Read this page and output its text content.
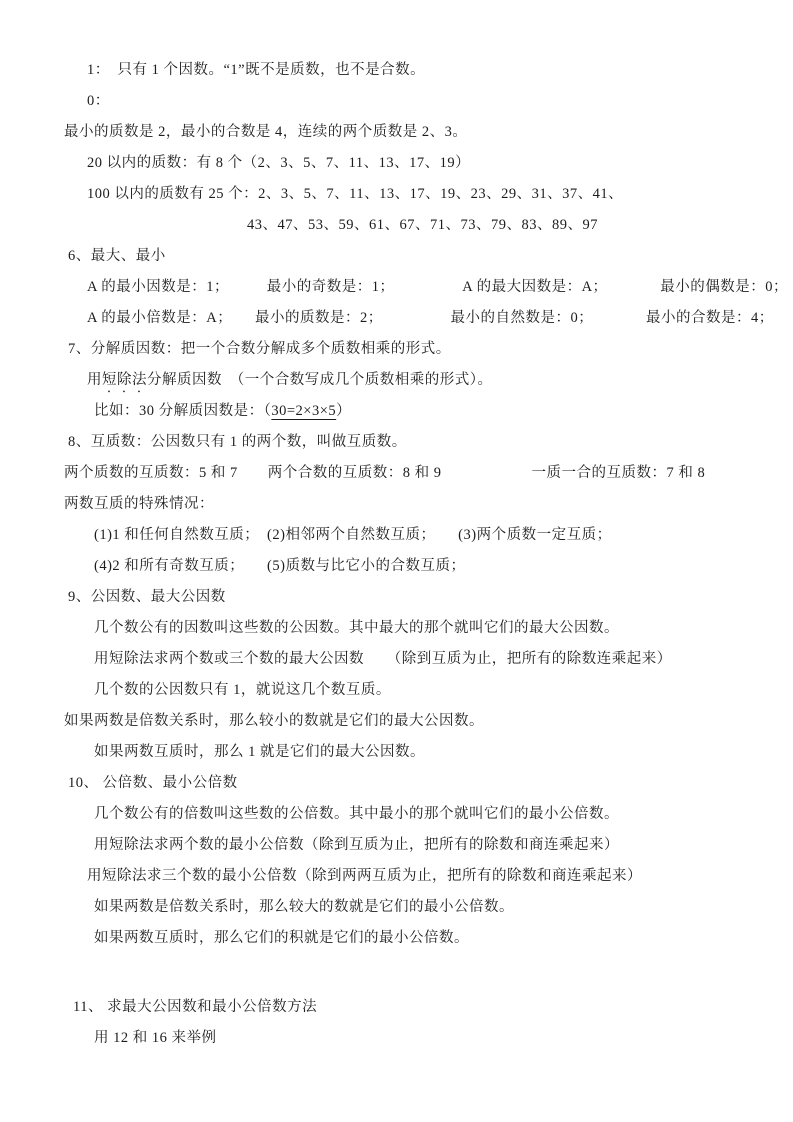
1：　只有 1 个因数。“1”既不是质数，也不是合数。
0：
最小的质数是 2，最小的合数是 4，连续的两个质数是 2、3。
20 以内的质数：有 8 个（2、3、5、7、11、13、17、19）
100 以内的质数有 25 个：2、3、5、7、11、13、17、19、23、29、31、37、41、
43、47、53、59、61、67、71、73、79、83、89、97
6、最大、最小
A 的最小因数是：1；　　　最小的奇数是：1；　　　　　A 的最大因数是：A；　　　　最小的偶数是：0；
A 的最小倍数是：A；　　最小的质数是：2；　　　　　最小的自然数是：0；　　　　最小的合数是：4；
7、分解质因数：把一个合数分解成多个质数相乘的形式。
用短除法分解质因数　（一个合数写成几个质数相乘的形式）。
比如：30 分解质因数是：（30=2×3×5）
8、互质数：公因数只有 1 的两个数，叫做互质数。
两个质数的互质数：5 和 7　　两个合数的互质数：8 和 9　　　　　　一质一合的互质数：7 和 8
两数互质的特殊情况：
(1)1 和任何自然数互质；　(2)相邻两个自然数互质；　　(3)两个质数一定互质；
(4)2 和所有奇数互质；　　(5)质数与比它小的合数互质；
9、公因数、最大公因数
几个数公有的因数叫这些数的公因数。其中最大的那个就叫它们的最大公因数。
用短除法求两个数或三个数的最大公因数　　（除到互质为止，把所有的除数连乘起来）
几个数的公因数只有 1，就说这几个数互质。
如果两数是倍数关系时，那么较小的数就是它们的最大公因数。
如果两数互质时，那么 1 就是它们的最大公因数。
10、 公倍数、最小公倍数
几个数公有的倍数叫这些数的公倍数。其中最小的那个就叫它们的最小公倍数。
用短除法求两个数的最小公倍数（除到互质为止，把所有的除数和商连乘起来）
用短除法求三个数的最小公倍数（除到两两互质为止，把所有的除数和商连乘起来）
如果两数是倍数关系时，那么较大的数就是它们的最小公倍数。
如果两数互质时，那么它们的积就是它们的最小公倍数。
11、 求最大公因数和最小公倍数方法
用 12 和 16 来举例
